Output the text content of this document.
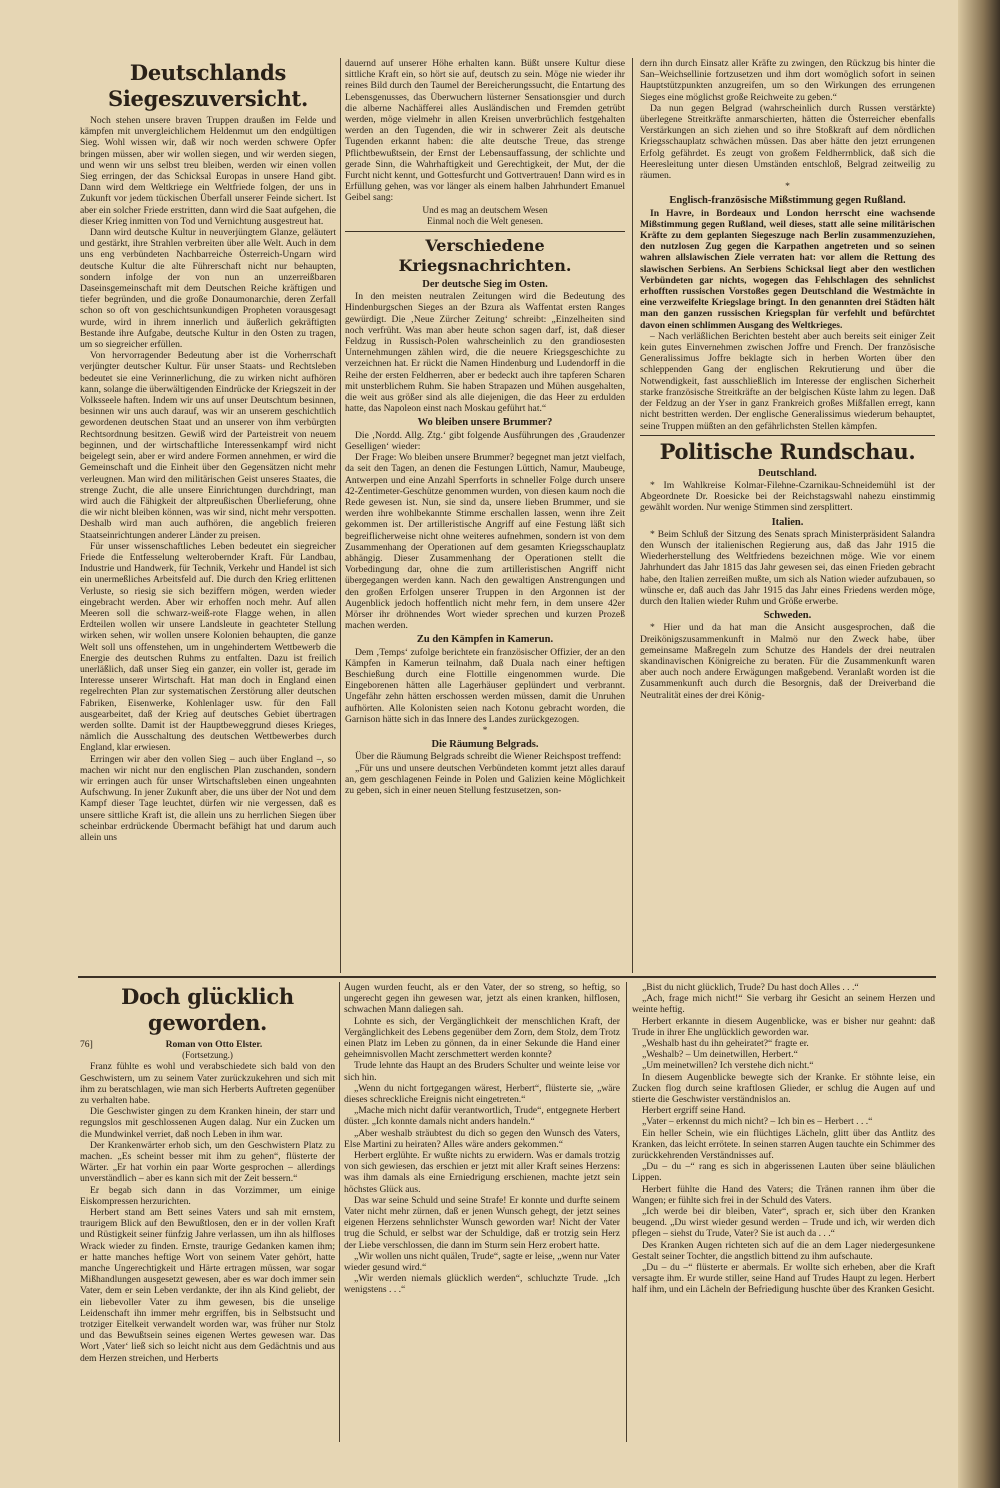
Deutschlands Siegeszuversicht.

Noch stehen unsere braven Truppen draußen im Felde und kämpfen mit unvergleichlichem Heldenmut um den endgültigen Sieg. Wohl wissen wir, daß wir noch werden schwere Opfer bringen müssen, aber wir wollen siegen, und wir werden siegen, und wenn wir uns selbst treu bleiben, werden wir einen vollen Sieg erringen, der das Schicksal Europas in unsere Hand gibt. Dann wird dem Weltkriege ein Weltfriede folgen, der uns in Zukunft vor jedem tückischen Überfall unserer Feinde sichert. Ist aber ein solcher Friede erstritten, dann wird die Saat aufgehen, die dieser Krieg inmitten von Tod und Vernichtung ausgestreut hat.

Dann wird deutsche Kultur in neuverjüngtem Glanze, geläutert und gestärkt, ihre Strahlen verbreiten über alle Welt. Auch in dem uns eng verbündeten Nachbarreiche Österreich-Ungarn wird deutsche Kultur die alte Führerschaft nicht nur behaupten, sondern infolge der von nun an unzerreißbaren Daseinsgemeinschaft mit dem Deutschen Reiche kräftigen und tiefer begründen, und die große Donaumonarchie, deren Zerfall schon so oft von geschichtsunkundigen Propheten vorausgesagt wurde, wird in ihrem innerlich und äußerlich gekräftigten Bestande ihre Aufgabe, deutsche Kultur in den Osten zu tragen, um so siegreicher erfüllen.

Von hervorragender Bedeutung aber ist die Vorherrschaft verjüngter deutscher Kultur. Für unser Staats- und Rechtsleben bedeutet sie eine Verinnerlichung, die zu wirken nicht aufhören kann, solange die überwältigenden Eindrücke der Kriegszeit in der Volksseele haften. Indem wir uns auf unser Deutschtum besinnen, besinnen wir uns auch darauf, was wir an unserem geschichtlich gewordenen deutschen Staat und an unserer von ihm verbürgten Rechtsordnung besitzen. Gewiß wird der Parteistreit von neuem beginnen, und der wirtschaftliche Interessenkampf wird nicht beigelegt sein, aber er wird andere Formen annehmen, er wird die Gemeinschaft und die Einheit über den Gegensätzen nicht mehr verleugnen. Man wird den militärischen Geist unseres Staates, die strenge Zucht, die alle unsere Einrichtungen durchdringt, man wird auch die Fähigkeit der altpreußischen Überlieferung, ohne die wir nicht bleiben können, was wir sind, nicht mehr verspotten. Deshalb wird man auch aufhören, die angeblich freieren Staatseinrichtungen anderer Länder zu preisen.

Für unser wissenschaftliches Leben bedeutet ein siegreicher Friede die Entfesselung welterobernder Kraft. Für Landbau, Industrie und Handwerk, für Technik, Verkehr und Handel ist sich ein unermeßliches Arbeitsfeld auf. Die durch den Krieg erlittenen Verluste, so riesig sie sich beziffern mögen, werden wieder eingebracht werden. Aber wir erhoffen noch mehr. Auf allen Meeren soll die schwarz-weiß-rote Flagge wehen, in allen Erdteilen wollen wir unsere Landsleute in geachteter Stellung wirken sehen, wir wollen unsere Kolonien behaupten, die ganze Welt soll uns offenstehen, um in ungehindertem Wettbewerb die Energie des deutschen Ruhms zu entfalten. Dazu ist freilich unerläßlich, daß unser Sieg ein ganzer, ein voller ist, gerade im Interesse unserer Wirtschaft. Hat man doch in England einen regelrechten Plan zur systematischen Zerstörung aller deutschen Fabriken, Eisenwerke, Kohlenlager usw. für den Fall ausgearbeitet, daß der Krieg auf deutsches Gebiet übertragen werden sollte. Damit ist der Hauptbeweggrund dieses Krieges, nämlich die Ausschaltung des deutschen Wettbewerbes durch England, klar erwiesen.

Erringen wir aber den vollen Sieg – auch über England –, so machen wir nicht nur den englischen Plan zuschanden, sondern wir erringen auch für unser Wirtschaftsleben einen ungeahnten Aufschwung. In jener Zukunft aber, die uns über der Not und dem Kampf dieser Tage leuchtet, dürfen wir nie vergessen, daß es unsere sittliche Kraft ist, die allein uns zu herrlichen Siegen über scheinbar erdrückende Übermacht befähigt hat und darum auch allein uns

dauernd auf unserer Höhe erhalten kann. Büßt unsere Kultur diese sittliche Kraft ein, so hört sie auf, deutsch zu sein. Möge nie wieder ihr reines Bild durch den Taumel der Bereicherungssucht, die Entartung des Lebensgenusses, das Überwuchern lüsterner Sensationsgier und durch die alberne Nachäfferei alles Ausländischen und Fremden getrübt werden, möge vielmehr in allen Kreisen unverbrüchlich festgehalten werden an den Tugenden, die wir in schwerer Zeit als deutsche Tugenden erkannt haben: die alte deutsche Treue, das strenge Pflichtbewußtsein, der Ernst der Lebensauffassung, der schlichte und gerade Sinn, die Wahrhaftigkeit und Gerechtigkeit, der Mut, der die Furcht nicht kennt, und Gottesfurcht und Gottvertrauen! Dann wird es in Erfüllung gehen, was vor länger als einem halben Jahrhundert Emanuel Geibel sang:

Und es mag an deutschem Wesen
Einmal noch die Welt genesen.
Verschiedene Kriegsnachrichten.
Der deutsche Sieg im Osten.

In den meisten neutralen Zeitungen wird die Bedeutung des Hindenburgschen Sieges an der Bzura als Waffentat ersten Ranges gewürdigt. Die ‚Neue Zürcher Zeitung‘ schreibt: „Einzelheiten sind noch verfrüht. Was man aber heute schon sagen darf, ist, daß dieser Feldzug in Russisch-Polen wahrscheinlich zu den grandiosesten Unternehmungen zählen wird, die die neuere Kriegsgeschichte zu verzeichnen hat. Er rückt die Namen Hindenburg und Ludendorff in die Reihe der ersten Feldherren, aber er bedeckt auch ihre tapferen Scharen mit unsterblichem Ruhm. Sie haben Strapazen und Mühen ausgehalten, die weit aus größer sind als alle diejenigen, die das Heer zu erdulden hatte, das Napoleon einst nach Moskau geführt hat.“

Wo bleiben unsere Brummer?

Die ‚Nordd. Allg. Ztg.‘ gibt folgende Ausführungen des ‚Graudenzer Geselligen‘ wieder:

Der Frage: Wo bleiben unsere Brummer? begegnet man jetzt vielfach, da seit den Tagen, an denen die Festungen Lüttich, Namur, Maubeuge, Antwerpen und eine Anzahl Sperrforts in schneller Folge durch unsere 42-Zentimeter-Geschütze genommen wurden, von diesen kaum noch die Rede gewesen ist. Nun, sie sind da, unsere lieben Brummer, und sie werden ihre wohlbekannte Stimme erschallen lassen, wenn ihre Zeit gekommen ist. Der artilleristische Angriff auf eine Festung läßt sich begreiflicherweise nicht ohne weiteres aufnehmen, sondern ist von dem Zusammenhang der Operationen auf dem gesamten Kriegsschauplatz abhängig. Dieser Zusammenhang der Operationen stellt die Vorbedingung dar, ohne die zum artilleristischen Angriff nicht übergegangen werden kann. Nach den gewaltigen Anstrengungen und den großen Erfolgen unserer Truppen in den Argonnen ist der Augenblick jedoch hoffentlich nicht mehr fern, in dem unsere 42er Mörser ihr dröhnendes Wort wieder sprechen und kurzen Prozeß machen werden.

Zu den Kämpfen in Kamerun.

Dem ‚Temps‘ zufolge berichtete ein französischer Offizier, der an den Kämpfen in Kamerun teilnahm, daß Duala nach einer heftigen Beschießung durch eine Flottille eingenommen wurde. Die Eingeborenen hätten alle Lagerhäuser geplündert und verbrannt. Ungefähr zehn hätten erschossen werden müssen, damit die Unruhen aufhörten. Alle Kolonisten seien nach Kotonu gebracht worden, die Garnison hätte sich in das Innere des Landes zurückgezogen.

*
Die Räumung Belgrads.

Über die Räumung Belgrads schreibt die Wiener Reichspost treffend:

„Für uns und unsere deutschen Verbündeten kommt jetzt alles darauf an, gem geschlagenen Feinde in Polen und Galizien keine Möglichkeit zu geben, sich in einer neuen Stellung festzusetzen, son-

dern ihn durch Einsatz aller Kräfte zu zwingen, den Rückzug bis hinter die San–Weichsellinie fortzusetzen und ihm dort womöglich sofort in seinen Hauptstützpunkten anzugreifen, um so den Wirkungen des errungenen Sieges eine möglichst große Reichweite zu geben.“

Da nun gegen Belgrad (wahrscheinlich durch Russen verstärkte) überlegene Streitkräfte anmarschierten, hätten die Österreicher ebenfalls Verstärkungen an sich ziehen und so ihre Stoßkraft auf dem nördlichen Kriegsschauplatz schwächen müssen. Das aber hätte den jetzt errungenen Erfolg gefährdet. Es zeugt von großem Feldherrnblick, daß sich die Heeresleitung unter diesen Umständen entschloß, Belgrad zeitweilig zu räumen.

*
Englisch-französische Mißstimmung gegen Rußland.

In Havre, in Bordeaux und London herrscht eine wachsende Mißstimmung gegen Rußland, weil dieses, statt alle seine militärischen Kräfte zu dem geplanten Siegeszuge nach Berlin zusammenzuziehen, den nutzlosen Zug gegen die Karpathen angetreten und so seinen wahren allslawischen Ziele verraten hat: vor allem die Rettung des slawischen Serbiens. An Serbiens Schicksal liegt aber den westlichen Verbündeten gar nichts, wogegen das Fehlschlagen des sehnlichst erhofften russischen Vorstoßes gegen Deutschland die Westmächte in eine verzweifelte Kriegslage bringt. In den genannten drei Städten hält man den ganzen russischen Kriegsplan für verfehlt und befürchtet davon einen schlimmen Ausgang des Weltkrieges.

– Nach verläßlichen Berichten besteht aber auch bereits seit einiger Zeit kein gutes Einvernehmen zwischen Joffre und French. Der französische Generalissimus Joffre beklagte sich in herben Worten über den schleppenden Gang der englischen Rekrutierung und über die Notwendigkeit, fast ausschließlich im Interesse der englischen Sicherheit starke französische Streitkräfte an der belgischen Küste lahm zu legen. Daß der Feldzug an der Yser in ganz Frankreich großes Mißfallen erregt, kann nicht bestritten werden. Der englische Generalissimus wiederum behauptet, seine Truppen müßten an den gefährlichsten Stellen kämpfen.

Politische Rundschau.
Deutschland.

* Im Wahlkreise Kolmar-Filehne-Czarnikau-Schneidemühl ist der Abgeordnete Dr. Roesicke bei der Reichstagswahl nahezu einstimmig gewählt worden. Nur wenige Stimmen sind zersplittert.

Italien.

* Beim Schluß der Sitzung des Senats sprach Ministerpräsident Salandra den Wunsch der italienischen Regierung aus, daß das Jahr 1915 die Wiederherstellung des Weltfriedens bezeichnen möge. Wie vor einem Jahrhundert das Jahr 1815 das Jahr gewesen sei, das einen Frieden gebracht habe, den Italien zerreißen mußte, um sich als Nation wieder aufzubauen, so wünsche er, daß auch das Jahr 1915 das Jahr eines Friedens werden möge, durch den Italien wieder Ruhm und Größe erwerbe.

Schweden.

* Hier und da hat man die Ansicht ausgesprochen, daß die Dreikönigszusammenkunft in Malmö nur den Zweck habe, über gemeinsame Maßregeln zum Schutze des Handels der drei neutralen skandinavischen Königreiche zu beraten. Für die Zusammenkunft waren aber auch noch andere Erwägungen maßgebend. Veranlaßt worden ist die Zusammenkunft auch durch die Besorgnis, daß der Dreiverband die Neutralität eines der drei König-

Doch glücklich geworden.
76]	Roman von Otto Elster.
(Fortsetzung.)

Franz fühlte es wohl und verabschiedete sich bald von den Geschwistern, um zu seinem Vater zurückzukehren und sich mit ihm zu beratschlagen, wie man sich Herberts Auftreten gegenüber zu verhalten habe.

Die Geschwister gingen zu dem Kranken hinein, der starr und regungslos mit geschlossenen Augen dalag. Nur ein Zucken um die Mundwinkel verriet, daß noch Leben in ihm war.

Der Krankenwärter erhob sich, um den Geschwistern Platz zu machen. „Es scheint besser mit ihm zu gehen“, flüsterte der Wärter. „Er hat vorhin ein paar Worte gesprochen – allerdings unverständlich – aber es kann sich mit der Zeit bessern.“

Er begab sich dann in das Vorzimmer, um einige Eiskompressen herzurichten.

Herbert stand am Bett seines Vaters und sah mit ernstem, traurigem Blick auf den Bewußtlosen, den er in der vollen Kraft und Rüstigkeit seiner fünfzig Jahre verlassen, um ihn als hilfloses Wrack wieder zu finden. Ernste, traurige Gedanken kamen ihm; er hatte manches heftige Wort von seinem Vater gehört, hatte manche Ungerechtigkeit und Härte ertragen müssen, war sogar Mißhandlungen ausgesetzt gewesen, aber es war doch immer sein Vater, dem er sein Leben verdankte, der ihn als Kind geliebt, der ein liebevoller Vater zu ihm gewesen, bis die unselige Leidenschaft ihn immer mehr ergriffen, bis in Selbstsucht und trotziger Eitelkeit verwandelt worden war, was früher nur Stolz und das Bewußtsein seines eigenen Wertes gewesen war. Das Wort ‚Vater‘ ließ sich so leicht nicht aus dem Gedächtnis und aus dem Herzen streichen, und Herberts

Augen wurden feucht, als er den Vater, der so streng, so heftig, so ungerecht gegen ihn gewesen war, jetzt als einen kranken, hilflosen, schwachen Mann daliegen sah.

Lohnte es sich, der Vergänglichkeit der menschlichen Kraft, der Vergänglichkeit des Lebens gegenüber dem Zorn, dem Stolz, dem Trotz einen Platz im Leben zu gönnen, da in einer Sekunde die Hand einer geheimnisvollen Macht zerschmettert werden konnte?

Trude lehnte das Haupt an des Bruders Schulter und weinte leise vor sich hin.

„Wenn du nicht fortgegangen wärest, Herbert“, flüsterte sie, „wäre dieses schreckliche Ereignis nicht eingetreten.“

„Mache mich nicht dafür verantwortlich, Trude“, entgegnete Herbert düster. „Ich konnte damals nicht anders handeln.“

„Aber weshalb sträubtest du dich so gegen den Wunsch des Vaters, Else Martini zu heiraten? Alles wäre anders gekommen.“

Herbert erglühte. Er wußte nichts zu erwidern. Was er damals trotzig von sich gewiesen, das erschien er jetzt mit aller Kraft seines Herzens: was ihm damals als eine Erniedrigung erschienen, machte jetzt sein höchstes Glück aus.

Das war seine Schuld und seine Strafe! Er konnte und durfte seinem Vater nicht mehr zürnen, daß er jenen Wunsch gehegt, der jetzt seines eigenen Herzens sehnlichster Wunsch geworden war! Nicht der Vater trug die Schuld, er selbst war der Schuldige, daß er trotzig sein Herz der Liebe verschlossen, die dann im Sturm sein Herz erobert hatte.

„Wir wollen uns nicht quälen, Trude“, sagte er leise, „wenn nur Vater wieder gesund wird.“

„Wir werden niemals glücklich werden“, schluchzte Trude. „Ich wenigstens . . .“

„Bist du nicht glücklich, Trude? Du hast doch Alles . . .“

„Ach, frage mich nicht!“ Sie verbarg ihr Gesicht an seinem Herzen und weinte heftig.

Herbert erkannte in diesem Augenblicke, was er bisher nur geahnt: daß Trude in ihrer Ehe unglücklich geworden war.

„Weshalb hast du ihn geheiratet?“ fragte er.

„Weshalb? – Um deinetwillen, Herbert.“

„Um meinetwillen? Ich verstehe dich nicht.“

In diesem Augenblicke bewegte sich der Kranke. Er stöhnte leise, ein Zucken flog durch seine kraftlosen Glieder, er schlug die Augen auf und stierte die Geschwister verständnislos an.

Herbert ergriff seine Hand.

„Vater – erkennst du mich nicht? – Ich bin es – Herbert . . .“

Ein heller Schein, wie ein flüchtiges Lächeln, glitt über das Antlitz des Kranken, das leicht errötete. In seinen starren Augen tauchte ein Schimmer des zurückkehrenden Verständnisses auf.

„Du – du –“ rang es sich in abgerissenen Lauten über seine bläulichen Lippen.

Herbert fühlte die Hand des Vaters; die Tränen rannen ihm über die Wangen; er fühlte sich frei in der Schuld des Vaters.

„Ich werde bei dir bleiben, Vater“, sprach er, sich über den Kranken beugend. „Du wirst wieder gesund werden – Trude und ich, wir werden dich pflegen – siehst du Trude, Vater? Sie ist auch da . . .“

Des Kranken Augen richteten sich auf die an dem Lager niedergesunkene Gestalt seiner Tochter, die angstlich bittend zu ihm aufschaute.

„Du – du –“ flüsterte er abermals. Er wollte sich erheben, aber die Kraft versagte ihm. Er wurde stiller, seine Hand auf Trudes Haupt zu legen. Herbert half ihm, und ein Lächeln der Befriedigung huschte über des Kranken Gesicht.
